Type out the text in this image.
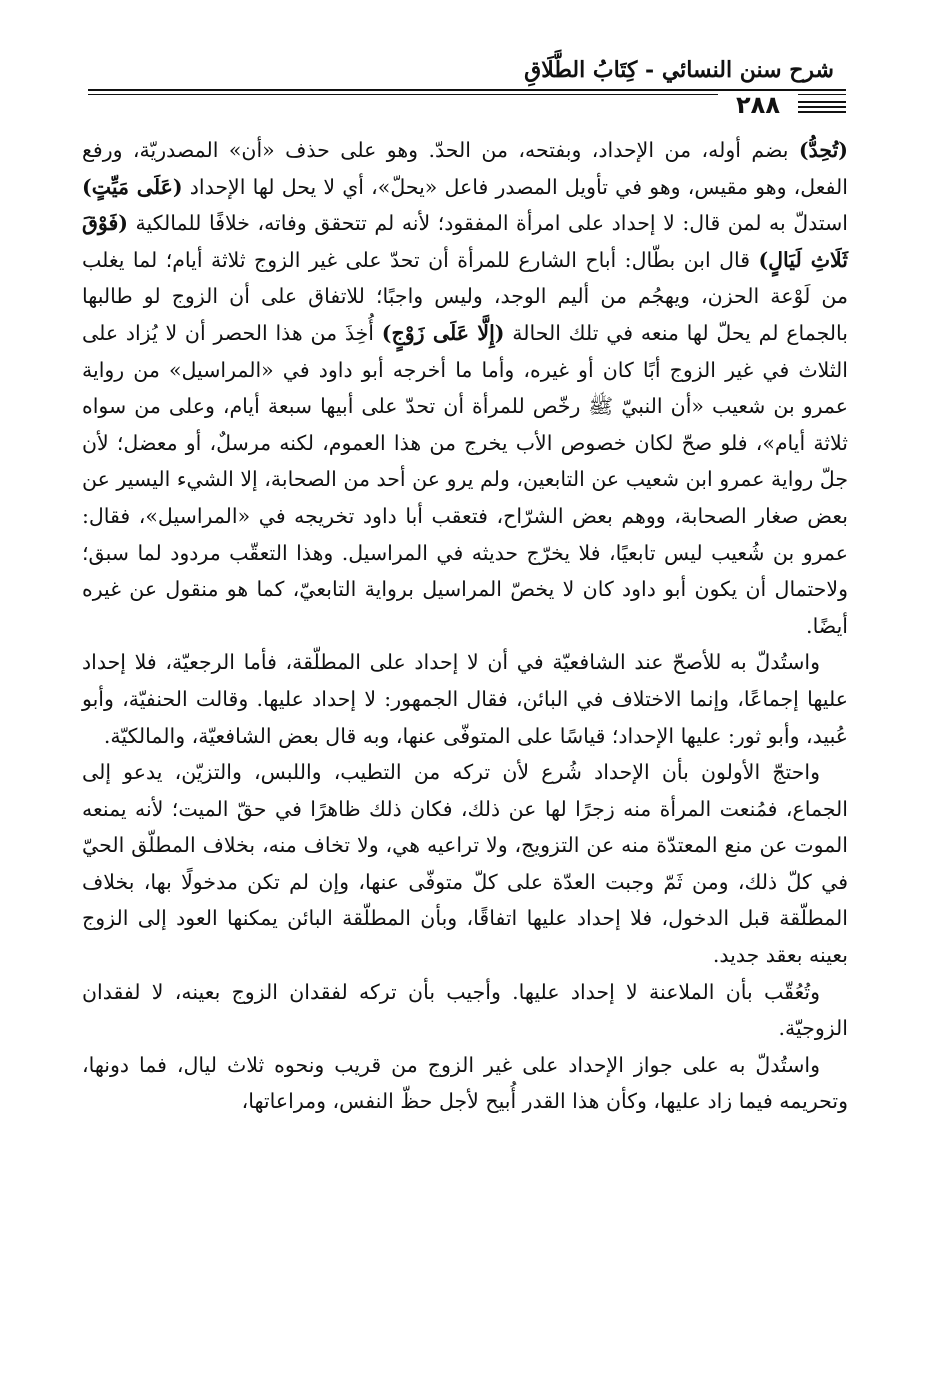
شرح سنن النسائي - كِتَابُ الطَّلَاقِ
٢٨٨

(تُحِدُّ) بضم أوله، من الإحداد، وبفتحه، من الحدّ. وهو على حذف «أن» المصدريّة، ورفع الفعل، وهو مقيس، وهو في تأويل المصدر فاعل «يحلّ»، أي لا يحل لها الإحداد (عَلَى مَيِّتٍ) استدلّ به لمن قال: لا إحداد على امرأة المفقود؛ لأنه لم تتحقق وفاته، خلافًا للمالكية (فَوْقَ ثَلَاثِ لَيَالٍ) قال ابن بطّال: أباح الشارع للمرأة أن تحدّ على غير الزوج ثلاثة أيام؛ لما يغلب من لَوْعة الحزن، ويهجُم من أليم الوجد، وليس واجبًا؛ للاتفاق على أن الزوج لو طالبها بالجماع لم يحلّ لها منعه في تلك الحالة (إِلَّا عَلَى زَوْجٍ) أُخِذَ من هذا الحصر أن لا يُزاد على الثلاث في غير الزوج أبًا كان أو غيره، وأما ما أخرجه أبو داود في «المراسيل» من رواية عمرو بن شعيب «أن النبيّ ﷺ رخّص للمرأة أن تحدّ على أبيها سبعة أيام، وعلى من سواه ثلاثة أيام»، فلو صحّ لكان خصوص الأب يخرج من هذا العموم، لكنه مرسلٌ، أو معضل؛ لأن جلّ رواية عمرو ابن شعيب عن التابعين، ولم يرو عن أحد من الصحابة، إلا الشيء اليسير عن بعض صغار الصحابة، ووهم بعض الشرّاح، فتعقب أبا داود تخريجه في «المراسيل»، فقال: عمرو بن شُعيب ليس تابعيًا، فلا يخرّج حديثه في المراسيل. وهذا التعقّب مردود لما سبق؛ ولاحتمال أن يكون أبو داود كان لا يخصّ المراسيل برواية التابعيّ، كما هو منقول عن غيره أيضًا.

واستُدلّ به للأصحّ عند الشافعيّة في أن لا إحداد على المطلّقة، فأما الرجعيّة، فلا إحداد عليها إجماعًا، وإنما الاختلاف في البائن، فقال الجمهور: لا إحداد عليها. وقالت الحنفيّة، وأبو عُبيد، وأبو ثور: عليها الإحداد؛ قياسًا على المتوفّى عنها، وبه قال بعض الشافعيّة، والمالكيّة.

واحتجّ الأولون بأن الإحداد شُرع لأن تركه من التطيب، واللبس، والتزيّن، يدعو إلى الجماع، فمُنعت المرأة منه زجرًا لها عن ذلك، فكان ذلك ظاهرًا في حقّ الميت؛ لأنه يمنعه الموت عن منع المعتدّة منه عن التزويج، ولا تراعيه هي، ولا تخاف منه، بخلاف المطلّق الحيّ في كلّ ذلك، ومن ثَمّ وجبت العدّة على كلّ متوفّى عنها، وإن لم تكن مدخولًا بها، بخلاف المطلّقة قبل الدخول، فلا إحداد عليها اتفاقًا، وبأن المطلّقة البائن يمكنها العود إلى الزوج بعينه بعقد جديد.

وتُعُقّب بأن الملاعنة لا إحداد عليها. وأجيب بأن تركه لفقدان الزوج بعينه، لا لفقدان الزوجيّة.

واستُدلّ به على جواز الإحداد على غير الزوج من قريب ونحوه ثلاث ليال، فما دونها، وتحريمه فيما زاد عليها، وكأن هذا القدر أُبيح لأجل حظّ النفس، ومراعاتها،
